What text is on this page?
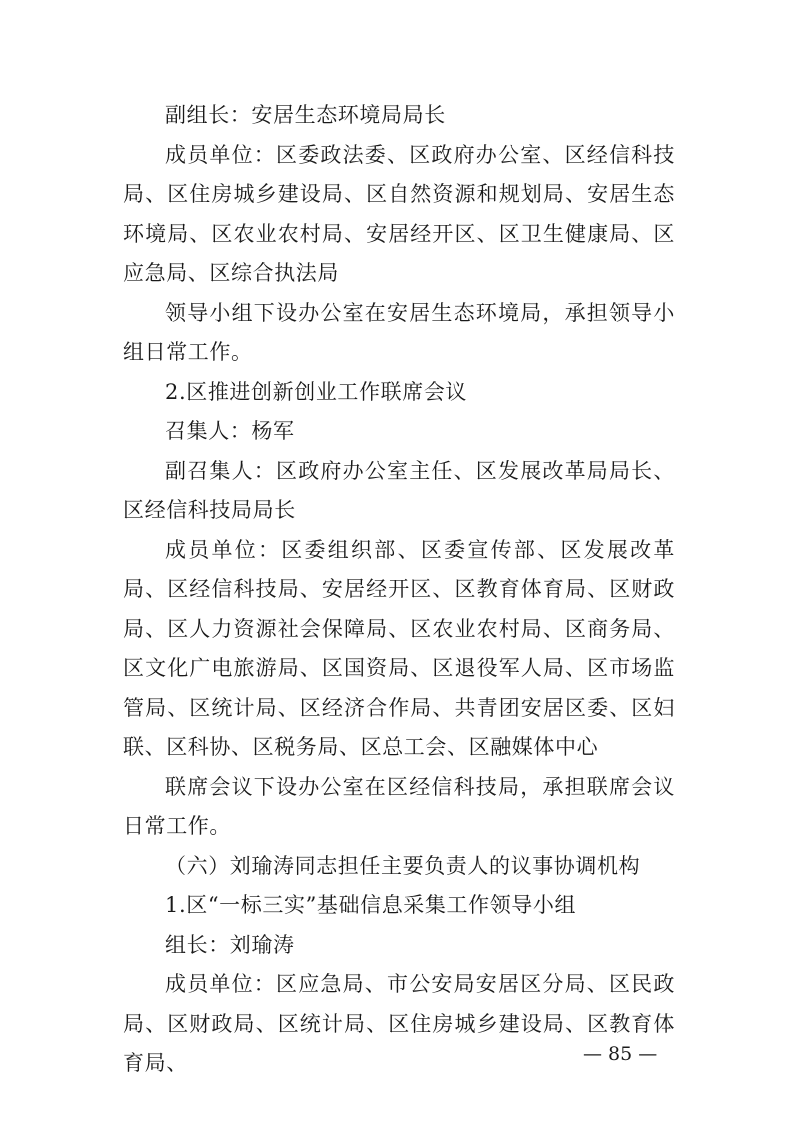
副组长：安居生态环境局局长

成员单位：区委政法委、区政府办公室、区经信科技局、区住房城乡建设局、区自然资源和规划局、安居生态环境局、区农业农村局、安居经开区、区卫生健康局、区应急局、区综合执法局

领导小组下设办公室在安居生态环境局，承担领导小组日常工作。

2.区推进创新创业工作联席会议

召集人：杨军

副召集人：区政府办公室主任、区发展改革局局长、区经信科技局局长

成员单位：区委组织部、区委宣传部、区发展改革局、区经信科技局、安居经开区、区教育体育局、区财政局、区人力资源社会保障局、区农业农村局、区商务局、区文化广电旅游局、区国资局、区退役军人局、区市场监管局、区统计局、区经济合作局、共青团安居区委、区妇联、区科协、区税务局、区总工会、区融媒体中心

联席会议下设办公室在区经信科技局，承担联席会议日常工作。

（六）刘瑜涛同志担任主要负责人的议事协调机构

1.区“一标三实”基础信息采集工作领导小组

组长：刘瑜涛

成员单位：区应急局、市公安局安居区分局、区民政局、区财政局、区统计局、区住房城乡建设局、区教育体育局、	— 85 —
